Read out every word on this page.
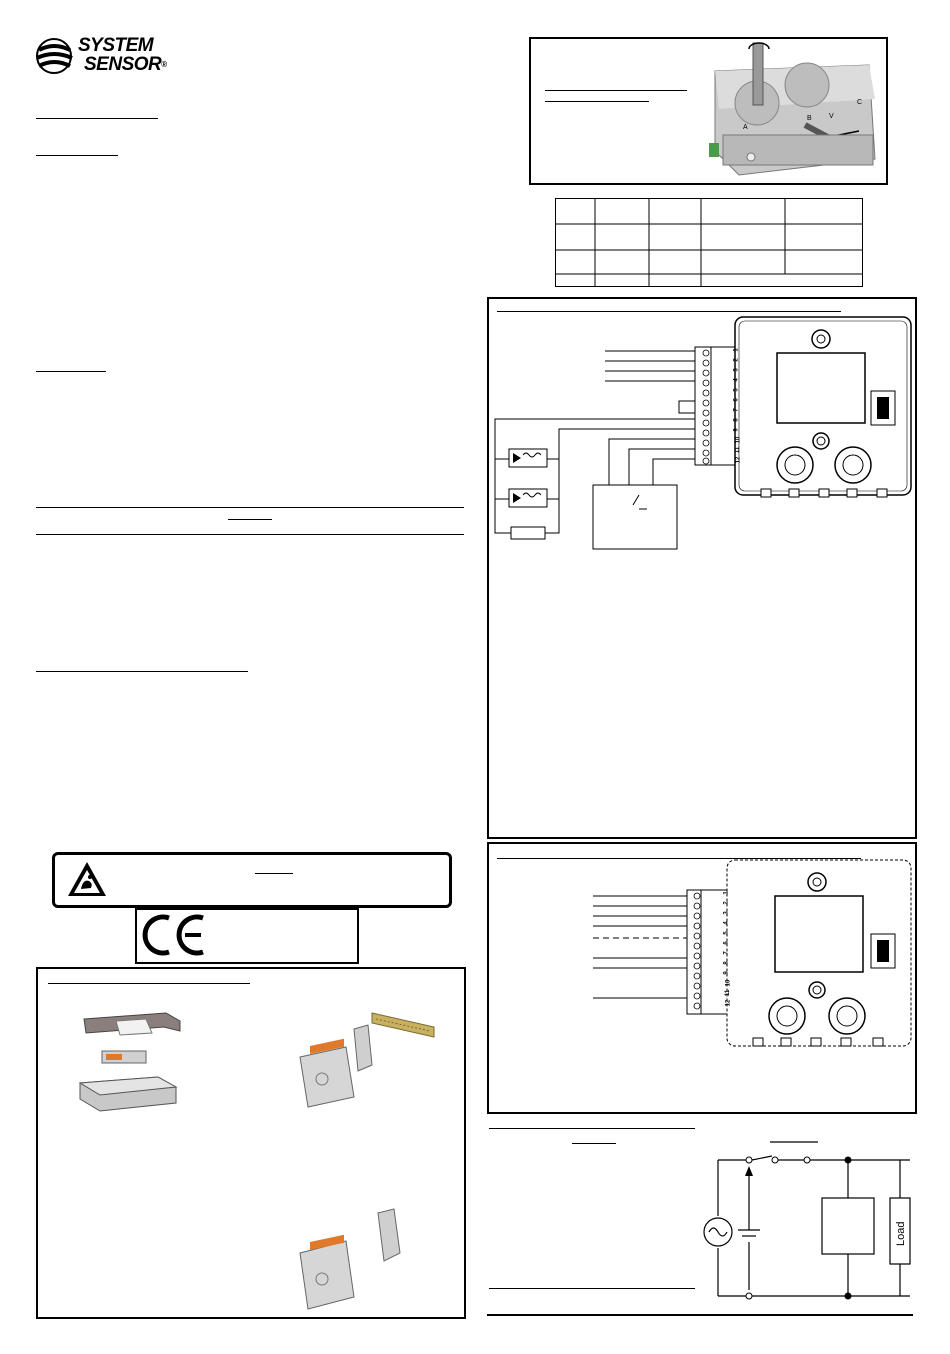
SYSTEM
SENSOR®
A
B V
C
1
2
3
4
5
6
7
8
9
10
11
12
1
2
3
4
5
6
7
8
9
10
11
12
Load
